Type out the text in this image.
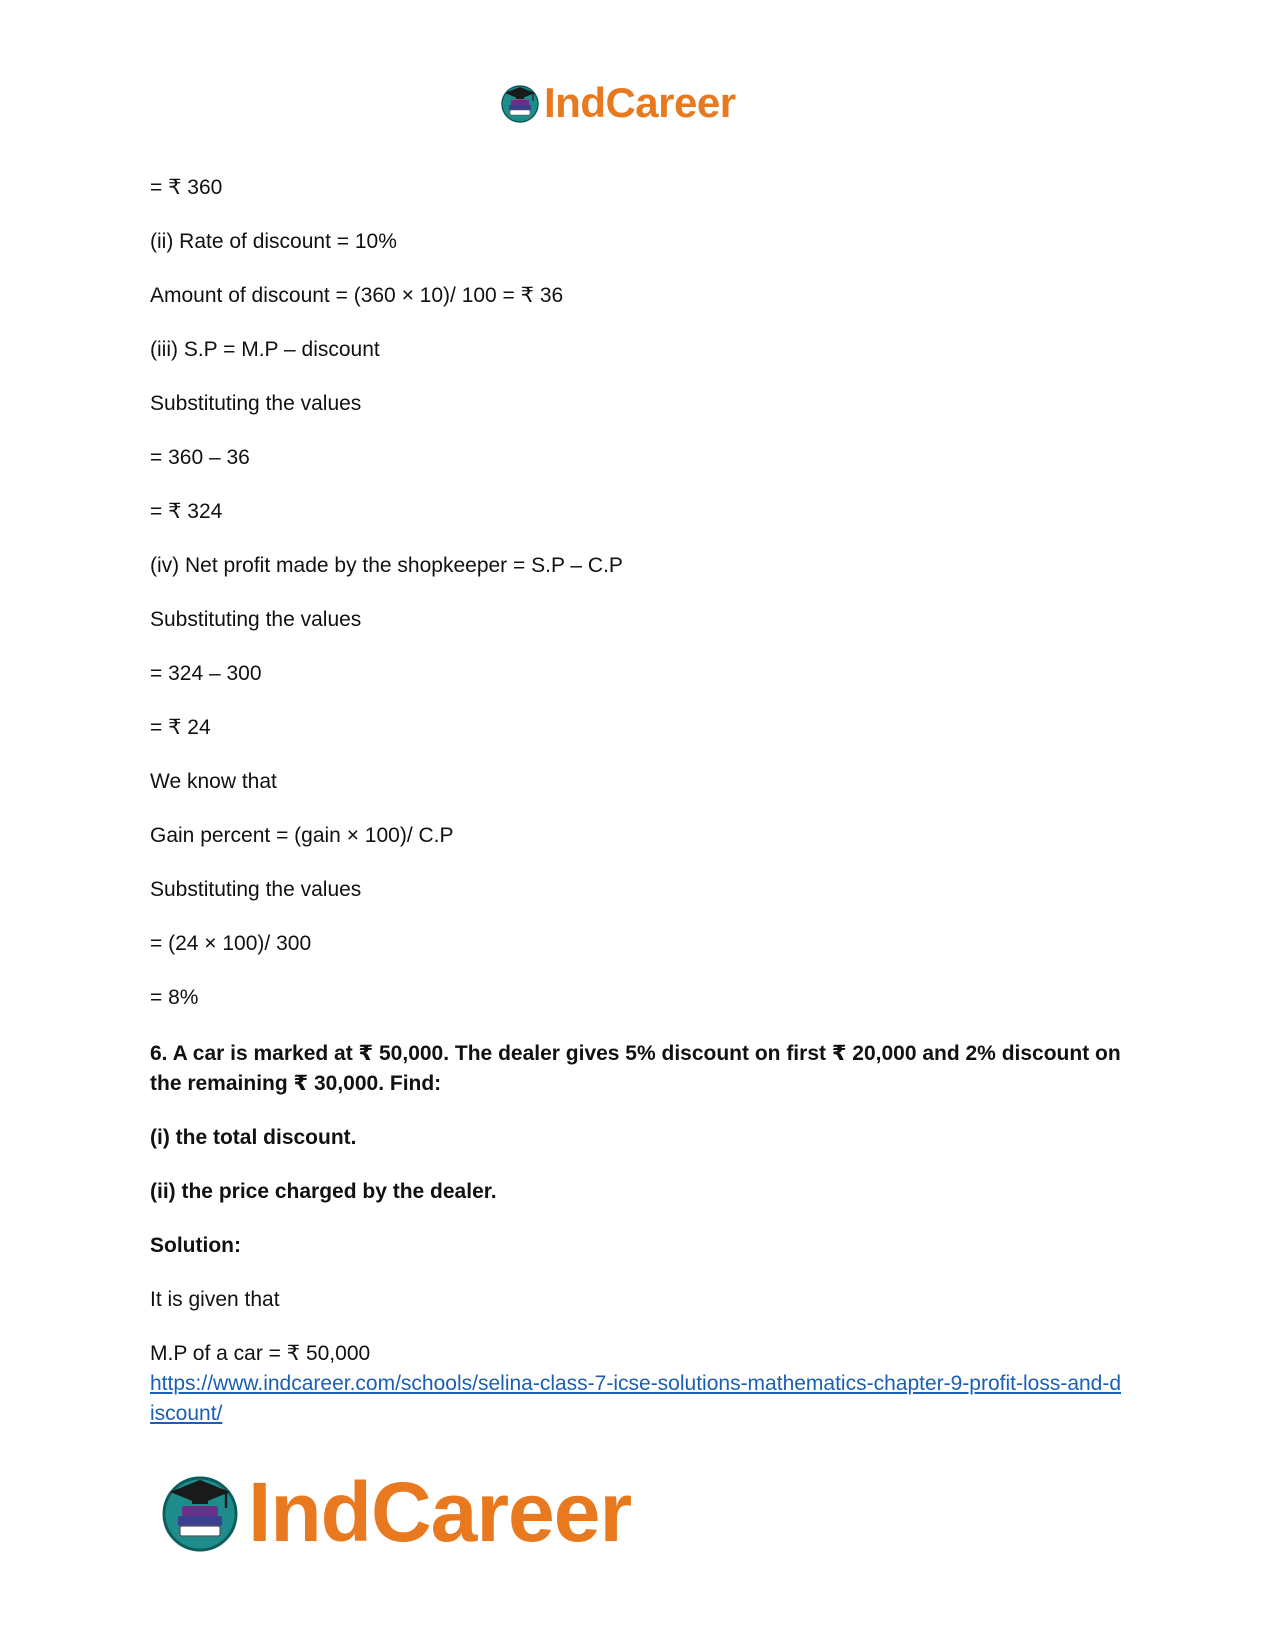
IndCareer
= ₹ 360
(ii) Rate of discount = 10%
Amount of discount = (360 × 10)/ 100 = ₹ 36
(iii) S.P = M.P – discount
Substituting the values
= 360 – 36
= ₹ 324
(iv) Net profit made by the shopkeeper = S.P – C.P
Substituting the values
= 324 – 300
= ₹ 24
We know that
Gain percent = (gain × 100)/ C.P
Substituting the values
= (24 × 100)/ 300
= 8%
6. A car is marked at ₹ 50,000. The dealer gives 5% discount on first ₹ 20,000 and 2% discount on the remaining ₹ 30,000. Find:
(i) the total discount.
(ii) the price charged by the dealer.
Solution:
It is given that
M.P of a car = ₹ 50,000
https://www.indcareer.com/schools/selina-class-7-icse-solutions-mathematics-chapter-9-profit-loss-and-discount/
IndCareer
